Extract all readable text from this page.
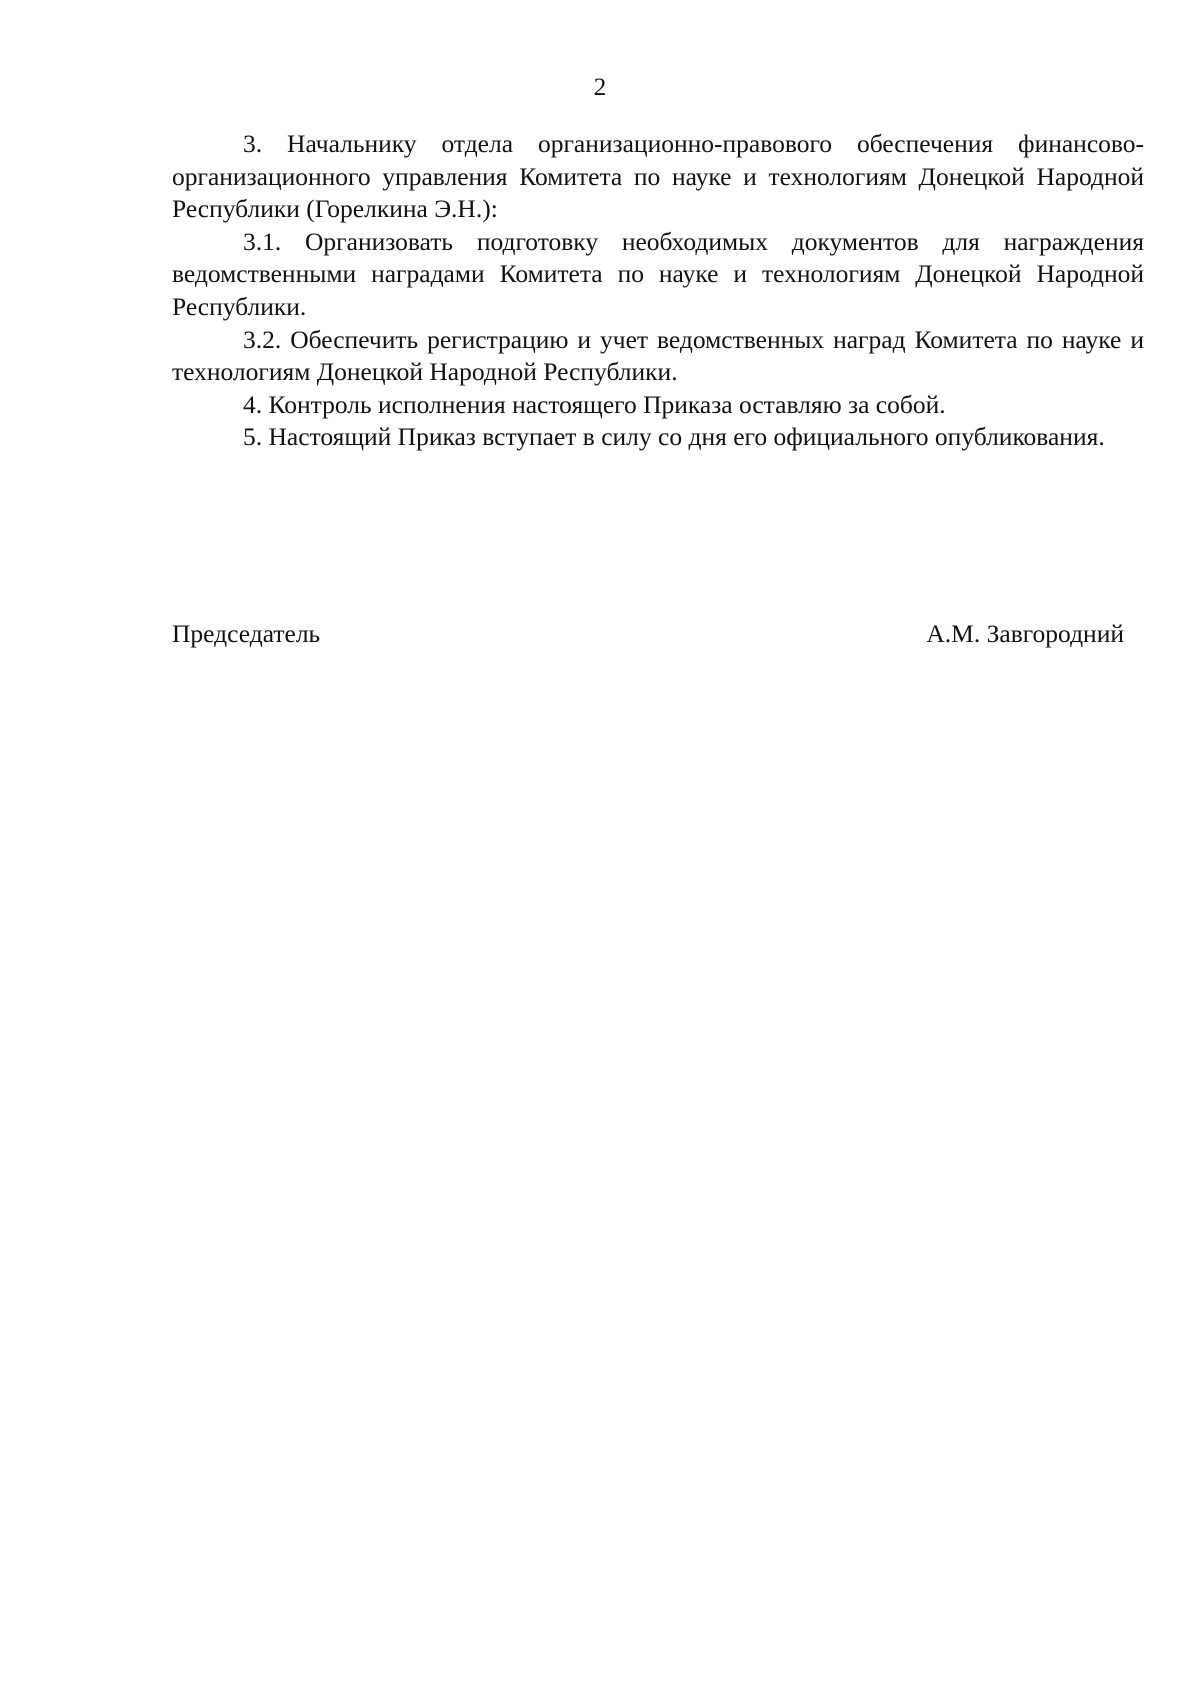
2

3. Начальнику отдела организационно-правового обеспечения финансово-организационного управления Комитета по науке и технологиям Донецкой Народной Республики (Горелкина Э.Н.):

3.1. Организовать подготовку необходимых документов для награждения ведомственными наградами Комитета по науке и технологиям Донецкой Народной Республики.

3.2. Обеспечить регистрацию и учет ведомственных наград Комитета по науке и технологиям Донецкой Народной Республики.

4. Контроль исполнения настоящего Приказа оставляю за собой.

5. Настоящий Приказ вступает в силу со дня его официального опубликования.

Председатель	А.М. Завгородний
